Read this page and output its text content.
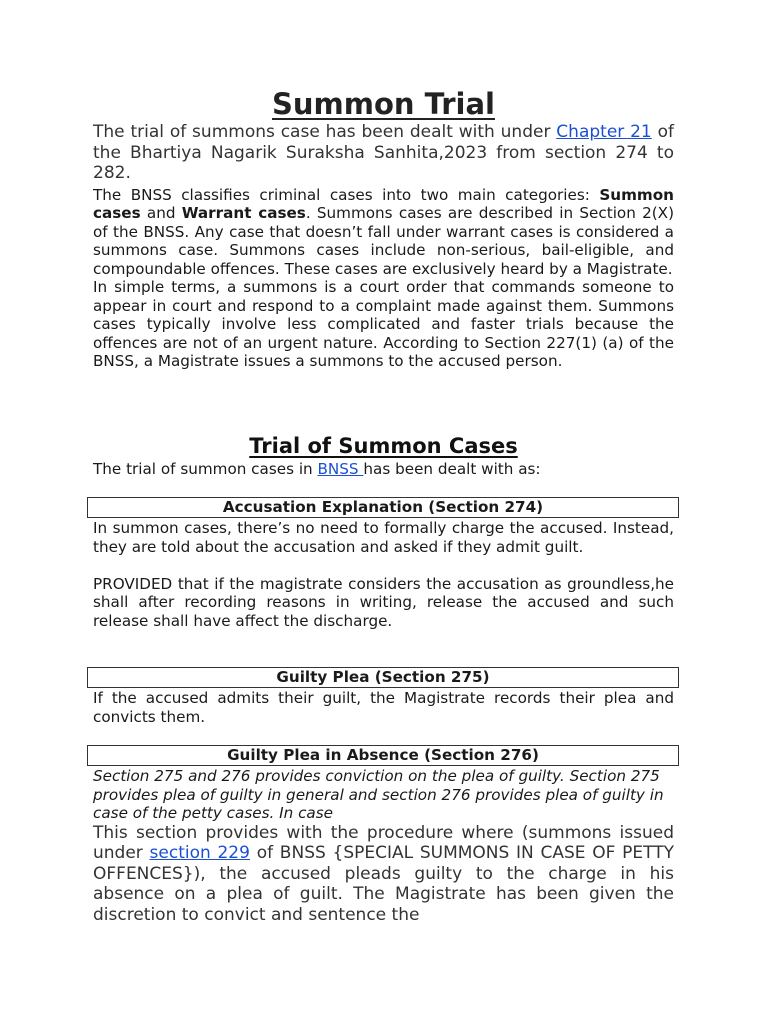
Summon Trial

The trial of summons case has been dealt with under Chapter 21 of the Bhartiya Nagarik Suraksha Sanhita,2023 from section 274 to 282.

The BNSS classifies criminal cases into two main categories: Summon cases and Warrant cases. Summons cases are described in Section 2(X) of the BNSS. Any case that doesn’t fall under warrant cases is considered a summons case. Summons cases include non-serious, bail-eligible, and compoundable offences. These cases are exclusively heard by a Magistrate.

In simple terms, a summons is a court order that commands someone to appear in court and respond to a complaint made against them. Summons cases typically involve less complicated and faster trials because the offences are not of an urgent nature. According to Section 227(1) (a) of the BNSS, a Magistrate issues a summons to the accused person.

Trial of Summon Cases

The trial of summon cases in BNSS has been dealt with as:

Accusation Explanation (Section 274)

In summon cases, there’s no need to formally charge the accused. Instead, they are told about the accusation and asked if they admit guilt.

PROVIDED that if the magistrate considers the accusation as groundless,he shall after recording reasons in writing, release the accused and such release shall have affect the discharge.

Guilty Plea (Section 275)

If the accused admits their guilt, the Magistrate records their plea and convicts them.

Guilty Plea in Absence (Section 276)

Section 275 and 276 provides conviction on the plea of guilty. Section 275 provides plea of guilty in general and section 276 provides plea of guilty in case of the petty cases. In case

This section provides with the procedure where (summons issued under section 229 of BNSS {SPECIAL SUMMONS IN CASE OF PETTY OFFENCES}), the accused pleads guilty to the charge in his absence on a plea of guilt. The Magistrate has been given the discretion to convict and sentence the
